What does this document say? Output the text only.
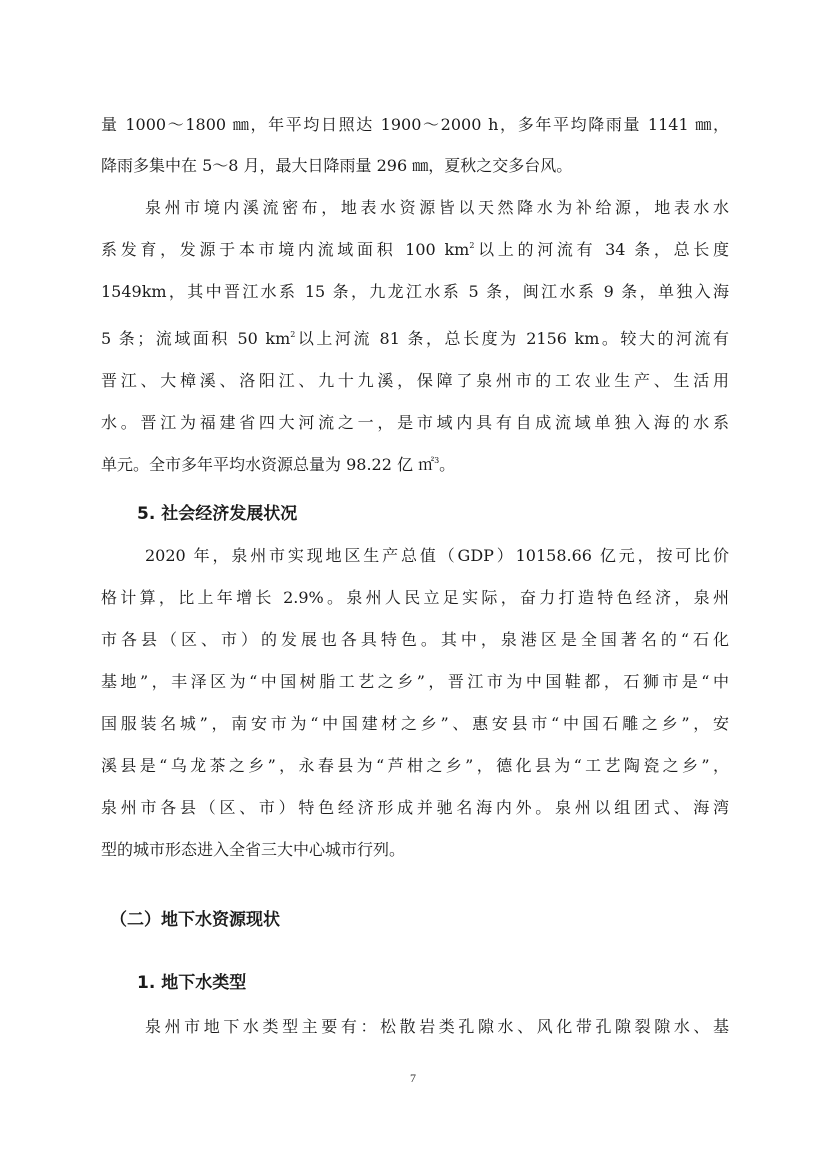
量 1000～1800 ㎜，年平均日照达 1900～2000 h，多年平均降雨量 1141 ㎜，
降雨多集中在 5～8 月，最大日降雨量 296 ㎜，夏秋之交多台风。
泉州市境内溪流密布，地表水资源皆以天然降水为补给源，地表水水
系发育，发源于本市境内流域面积 100 $km^2$以上的河流有 34 条，总长度
1549km，其中晋江水系 15 条，九龙江水系 5 条，闽江水系 9 条，单独入海
5 条；流域面积 50 $km^2$以上河流 81 条，总长度为 2156 km。较大的河流有
晋江、大樟溪、洛阳江、九十九溪，保障了泉州市的工农业生产、生活用
水。晋江为福建省四大河流之一，是市域内具有自成流域单独入海的水系
单元。全市多年平均水资源总量为 98.22 亿 ㎡$^3$。
5. 社会经济发展状况
2020 年，泉州市实现地区生产总值（GDP）10158.66 亿元，按可比价
格计算，比上年增长 2.9%。泉州人民立足实际，奋力打造特色经济，泉州
市各县（区、市）的发展也各具特色。其中，泉港区是全国著名的“石化
基地”，丰泽区为“中国树脂工艺之乡”，晋江市为中国鞋都，石狮市是“中
国服装名城”，南安市为“中国建材之乡”、惠安县市“中国石雕之乡”，安
溪县是“乌龙茶之乡”，永春县为“芦柑之乡”，德化县为“工艺陶瓷之乡”，
泉州市各县（区、市）特色经济形成并驰名海内外。泉州以组团式、海湾
型的城市形态进入全省三大中心城市行列。
（二）地下水资源现状
1. 地下水类型
泉州市地下水类型主要有：松散岩类孔隙水、风化带孔隙裂隙水、基
7
